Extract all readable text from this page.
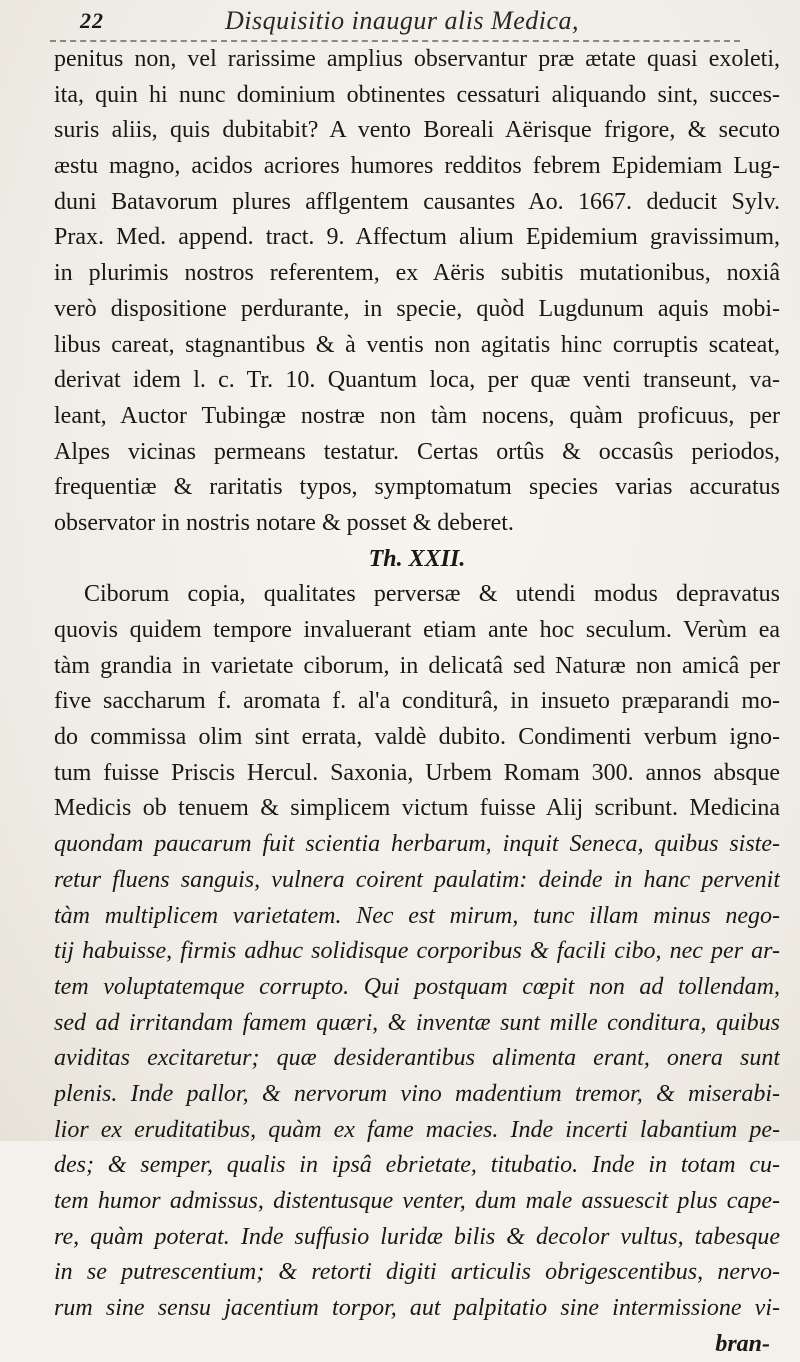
22	Disquisitio inaugur alis Medica,
penitus non, vel rarissime amplius observantur præ ætate quasi exoleti,
ita, quin hi nunc dominium obtinentes cessaturi aliquando sint, succes-
suris aliis, quis dubitabit? A vento Boreali Aërisque frigore, & secuto
æstu magno, acidos acriores humores redditos febrem Epidemiam Lug-
duni Batavorum plures afflgentem causantes Ao. 1667. deducit Sylv.
Prax. Med. append. tract. 9. Affectum alium Epidemium gravissimum,
in plurimis nostros referentem, ex Aëris subitis mutationibus, noxiâ
verò dispositione perdurante, in specie, quòd Lugdunum aquis mobi-
libus careat, stagnantibus & à ventis non agitatis hinc corruptis scateat,
derivat idem l. c. Tr. 10. Quantum loca, per quæ venti transeunt, va-
leant, Auctor Tubingæ nostræ non tàm nocens, quàm proficuus, per
Alpes vicinas permeans testatur. Certas ortûs & occasûs periodos,
frequentiæ & raritatis typos, symptomatum species varias accuratus
observator in nostris notare & posset & deberet.
Th. XXII.
Ciborum copia, qualitates perversæ & utendi modus depravatus
quovis quidem tempore invaluerant etiam ante hoc seculum. Verùm ea
tàm grandia in varietate ciborum, in delicatâ sed Naturæ non amicâ per
five saccharum f. aromata f. al'a conditurâ, in insueto præparandi mo-
do commissa olim sint errata, valdè dubito. Condimenti verbum igno-
tum fuisse Priscis Hercul. Saxonia, Urbem Romam 300. annos absque
Medicis ob tenuem & simplicem victum fuisse Alij scribunt. Medicina
quondam paucarum fuit scientia herbarum, inquit Seneca, quibus siste-
retur fluens sanguis, vulnera coirent paulatim: deinde in hanc pervenit
tàm multiplicem varietatem. Nec est mirum, tunc illam minus nego-
tij habuisse, firmis adhuc solidisque corporibus & facili cibo, nec per ar-
tem voluptatemque corrupto. Qui postquam cœpit non ad tollendam,
sed ad irritandam famem quæri, & inventæ sunt mille conditura, quibus
aviditas excitaretur; quæ desiderantibus alimenta erant, onera sunt
plenis. Inde pallor, & nervorum vino madentium tremor, & miserabi-
lior ex eruditatibus, quàm ex fame macies. Inde incerti labantium pe-
des; & semper, qualis in ipsâ ebrietate, titubatio. Inde in totam cu-
tem humor admissus, distentusque venter, dum male assuescit plus cape-
re, quàm poterat. Inde suffusio luridæ bilis & decolor vultus, tabesque
in se putrescentium; & retorti digiti articulis obrigescentibus, nervo-
rum sine sensu jacentium torpor, aut palpitatio sine intermissione vi-
bran-
